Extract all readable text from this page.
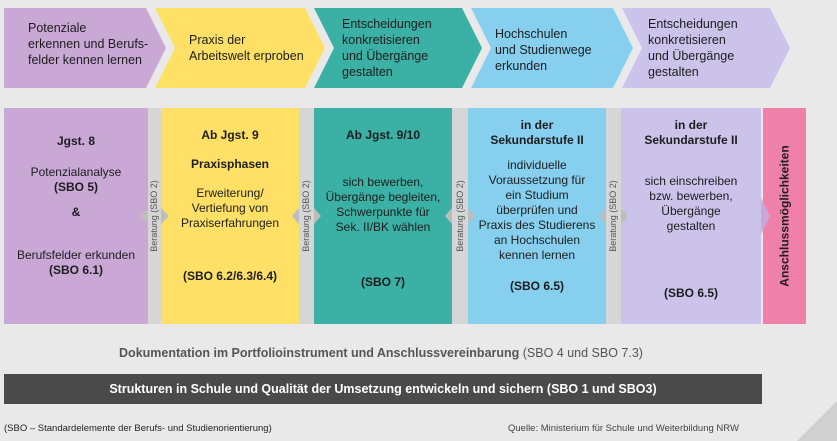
Potenziale
erkennen und Berufs-
felder kennen lernen
Praxis der
Arbeitswelt erproben
Entscheidungen
konkretisieren
und Übergänge
gestalten
Hochschulen
und Studienwege
erkunden
Entscheidungen
konkretisieren
und Übergänge
gestalten
Jgst. 8
Potenzialanalyse
(SBO 5)
&
Berufsfelder erkunden
(SBO 6.1)
Beratung (SBO 2)
Ab Jgst. 9
Praxisphasen
Erweiterung/
Vertiefung von
Praxiserfahrungen
(SBO 6.2/6.3/6.4)
Beratung (SBO 2)
Ab Jgst. 9/10
sich bewerben,
Übergänge begleiten,
Schwerpunkte für
Sek. II/BK wählen
(SBO 7)
Beratung (SBO 2)
in der
Sekundarstufe II
individuelle
Voraussetzung für
ein Studium
überprüfen und
Praxis des Studierens
an Hochschulen
kennen lernen
(SBO 6.5)
Beratung (SBO 2)
in der
Sekundarstufe II
sich einschreiben
bzw. bewerben,
Übergänge
gestalten
(SBO 6.5)
Anschlussmöglichkeiten
Dokumentation im Portfolioinstrument und Anschlussvereinbarung (SBO 4 und SBO 7.3)
Strukturen in Schule und Qualität der Umsetzung entwickeln und sichern (SBO 1 und SBO3)
(SBO – Standardelemente der Berufs- und Studienorientierung)	Quelle: Ministerium für Schule und Weiterbildung NRW
